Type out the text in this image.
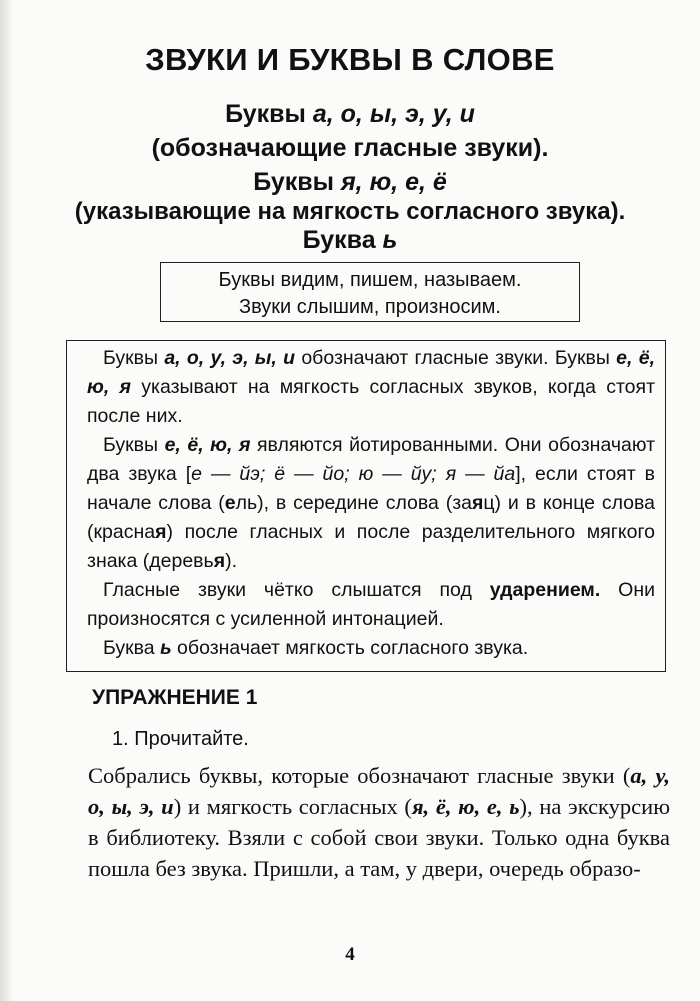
ЗВУКИ И БУКВЫ В СЛОВЕ
Буквы а, о, ы, э, у, и
(обозначающие гласные звуки).
Буквы я, ю, е, ё
(указывающие на мягкость согласного звука).
Буква ь
Буквы видим, пишем, называем.
Звуки слышим, произносим.

Буквы а, о, у, э, ы, и обозначают гласные звуки. Буквы е, ё, ю, я указывают на мягкость согласных звуков, когда стоят после них.

Буквы е, ё, ю, я являются йотированными. Они обозначают два звука [е — йэ; ё — йо; ю — йу; я — йа], если стоят в начале слова (ель), в середине слова (заяц) и в конце слова (красная) после гласных и после разделительного мягкого знака (деревья).

Гласные звуки чётко слышатся под ударением. Они произносятся с усиленной интонацией.

Буква ь обозначает мягкость согласного звука.

УПРАЖНЕНИЕ 1
1. Прочитайте.
Собрались буквы, которые обозначают гласные звуки (а, у, о, ы, э, и) и мягкость согласных (я, ё, ю, е, ь), на экскурсию в библиотеку. Взяли с собой свои звуки. Только одна буква пошла без звука. Пришли, а там, у двери, очередь образо-
4
